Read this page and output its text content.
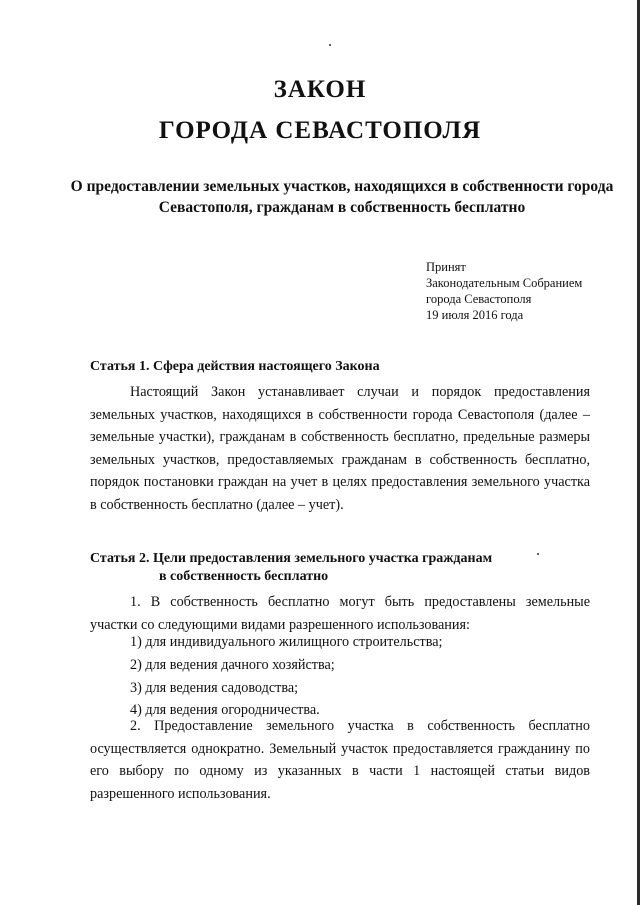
ЗАКОН
ГОРОДА СЕВАСТОПОЛЯ
О предоставлении земельных участков, находящихся в собственности города Севастополя, гражданам в собственность бесплатно
Принят
Законодательным Собранием
города Севастополя
19 июля 2016 года
Статья 1. Сфера действия настоящего Закона
Настоящий Закон устанавливает случаи и порядок предоставления земельных участков, находящихся в собственности города Севастополя (далее – земельные участки), гражданам в собственность бесплатно, предельные размеры земельных участков, предоставляемых гражданам в собственность бесплатно, порядок постановки граждан на учет в целях предоставления земельного участка в собственность бесплатно (далее – учет).
Статья 2. Цели предоставления земельного участка гражданам
в собственность бесплатно
1. В собственность бесплатно могут быть предоставлены земельные участки со следующими видами разрешенного использования:
1) для индивидуального жилищного строительства;
2) для ведения дачного хозяйства;
3) для ведения садоводства;
4) для ведения огородничества.
2. Предоставление земельного участка в собственность бесплатно осуществляется однократно. Земельный участок предоставляется гражданину по его выбору по одному из указанных в части 1 настоящей статьи видов разрешенного использования.
